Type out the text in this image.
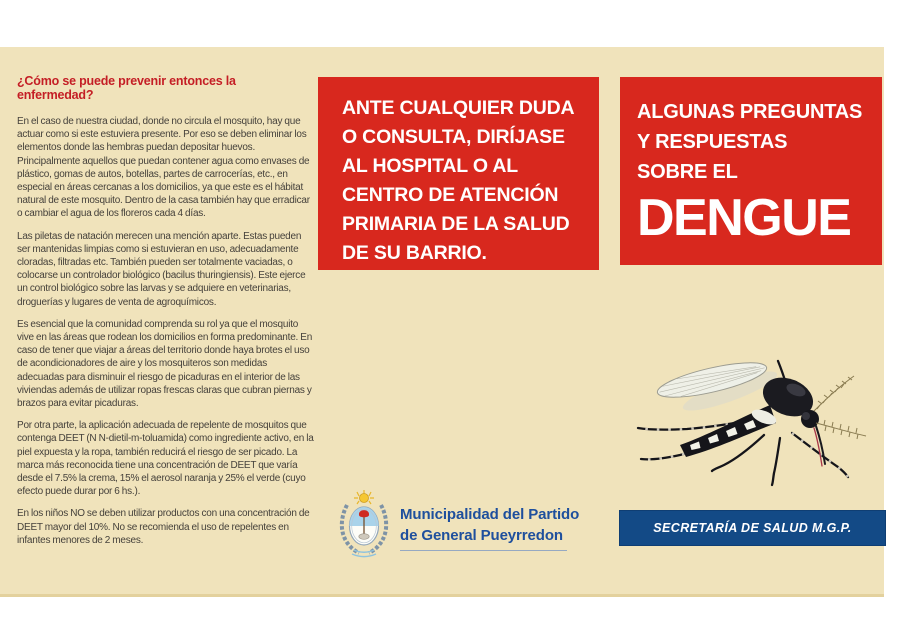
¿Cómo se puede prevenir entonces la enfermedad?

En el caso de nuestra ciudad, donde no circula el mosquito, hay que actuar como si este estuviera presente. Por eso se deben eliminar los elementos donde las hembras puedan depositar huevos. Principalmente aquellos que puedan contener agua como envases de plástico, gomas de autos, botellas, partes de carrocerías, etc., en especial en áreas cercanas a los domicilios, ya que este es el hábitat natural de este mosquito. Dentro de la casa también hay que erradicar o cambiar el agua de los floreros cada 4 días.

Las piletas de natación merecen una mención aparte. Estas pueden ser mantenidas limpias como si estuvieran en uso, adecuadamente cloradas, filtradas etc. También pueden ser totalmente vaciadas, o colocarse un controlador biológico (bacilus thuringiensis). Este ejerce un control biológico sobre las larvas y se adquiere en veterinarias, droguerías y lugares de venta de agroquímicos.

Es esencial que la comunidad comprenda su rol ya que el mosquito vive en las áreas que rodean los domicilios en forma predominante. En caso de tener que viajar a áreas del territorio donde haya brotes el uso de acondicionadores de aire y los mosquiteros son medidas adecuadas para disminuir el riesgo de picaduras en el interior de las viviendas además de utilizar ropas frescas claras que cubran piernas y brazos para evitar picaduras.

Por otra parte, la aplicación adecuada de repelente de mosquitos que contenga DEET (N N-dietil-m-toluamida) como ingrediente activo, en la piel expuesta y la ropa, también reducirá el riesgo de ser picado. La marca más reconocida tiene una concentración de DEET que varía desde el 7.5% la crema, 15% el aerosol naranja y 25% el verde (cuyo efecto puede durar por 6 hs.).

En los niños NO se deben utilizar productos con una concentración de DEET mayor del 10%. No se recomienda el uso de repelentes en infantes menores de 2 meses.

ANTE CUALQUIER DUDA
O CONSULTA, DIRÍJASE
AL HOSPITAL O AL
CENTRO DE ATENCIÓN
PRIMARIA DE LA SALUD
DE SU BARRIO.
ALGUNAS PREGUNTAS
Y RESPUESTAS
SOBRE EL
DENGUE
Municipalidad del Partido
de General Pueyrredon	SECRETARÍA DE SALUD M.G.P.
